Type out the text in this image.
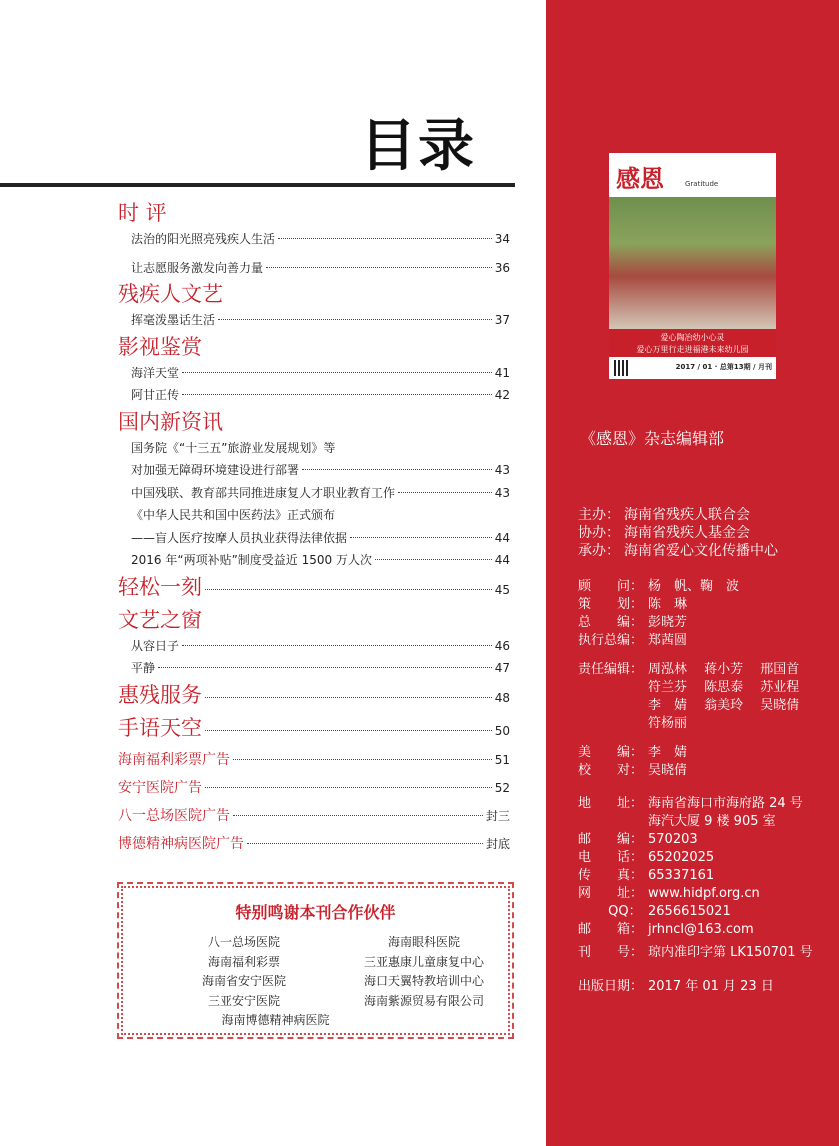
目录
时 评
法治的阳光照亮残疾人生活	34
让志愿服务激发向善力量	36
残疾人文艺
挥毫泼墨话生活	37
影视鉴赏
海洋天堂	41
阿甘正传	42
国内新资讯
国务院《“十三五”旅游业发展规划》等
对加强无障碍环境建设进行部署	43
中国残联、教育部共同推进康复人才职业教育工作	43
《中华人民共和国中医药法》正式颁布
——盲人医疗按摩人员执业获得法律依据	44
2016 年“两项补贴”制度受益近 1500 万人次	44
轻松一刻	45
文艺之窗
从容日子	46
平静	47
惠残服务	48
手语天空	50
海南福利彩票广告	51
安宁医院广告	52
八一总场医院广告	封三
博德精神病医院广告	封底
特别鸣谢本刊合作伙伴
八一总场医院	海南眼科医院
海南福利彩票	三亚惠康儿童康复中心
海南省安宁医院	海口天翼特教培训中心
三亚安宁医院	海南紫源贸易有限公司
海南博德精神病医院
感恩	Gratitude
爱心陶冶幼小心灵
爱心万里行走进福港未来幼儿园
2017 / 01 · 总第13期 / 月刊
《感恩》杂志编辑部
主办： 海南省残疾人联合会
协办： 海南省残疾人基金会
承办： 海南省爱心文化传播中心
顾　　问： 杨　帆、鞠　波
策　　划： 陈　琳
总　　编： 彭晓芳
执行总编： 郑茜圆
责任编辑： 周泓林　 蒋小芳　 邢国首
符兰芬　 陈思泰　 苏业程
李　婧　 翁美玲　 吴晓倩
符杨丽
美　　编： 李　婧
校　　对： 吴晓倩
地　　址： 海南省海口市海府路 24 号
海汽大厦 9 楼 905 室
邮　　编： 570203
电　　话： 65202025
传　　真： 65337161
网　　址： www.hidpf.org.cn
　　 QQ： 2656615021
邮　　箱： jrhncl@163.com
刊　　号： 琼内准印字第 LK150701 号
出版日期： 2017 年 01 月 23 日
